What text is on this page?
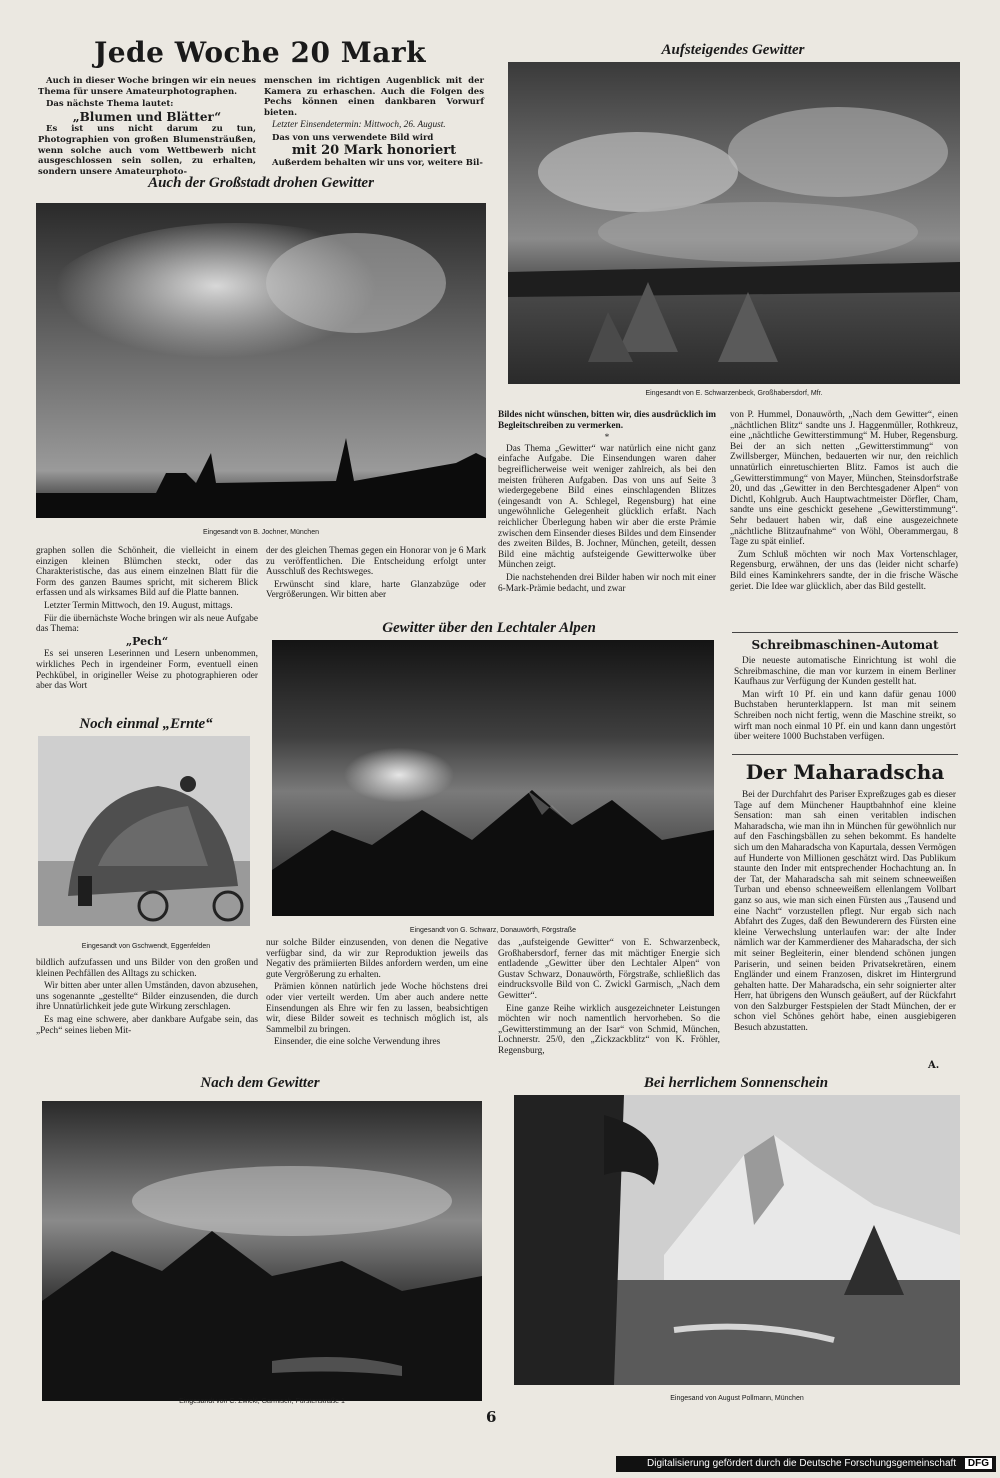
Jede Woche 20 Mark

Auch in dieser Woche bringen wir ein neues Thema für unsere Amateurphotographen.

Das nächste Thema lautet:

„Blumen und Blätter“

Es ist uns nicht darum zu tun, Photographien von großen Blumensträußen, wenn solche auch vom Wettbewerb nicht ausgeschlossen sein sollen, zu erhalten, sondern unsere Amateurphoto-

menschen im richtigen Augenblick mit der Kamera zu erhaschen. Auch die Folgen des Pechs können einen dankbaren Vorwurf bieten.

Letzter Einsendetermin: Mittwoch, 26. August.

Das von uns verwendete Bild wird

mit 20 Mark honoriert

Außerdem behalten wir uns vor, weitere Bil-

Auch der Großstadt drohen Gewitter
Eingesandt von B. Jochner, München
Aufsteigendes Gewitter
Eingesandt von E. Schwarzenbeck, Großhabersdorf, Mfr.

graphen sollen die Schönheit, die vielleicht in einem einzigen kleinen Blümchen steckt, oder das Charakteristische, das aus einem einzelnen Blatt für die Form des ganzen Baumes spricht, mit sicherem Blick erfassen und als wirksames Bild auf die Platte bannen.

Letzter Termin Mittwoch, den 19. August, mittags.

Für die übernächste Woche bringen wir als neue Aufgabe das Thema:

„Pech“

Es sei unseren Leserinnen und Lesern unbenommen, wirkliches Pech in irgendeiner Form, eventuell einen Pechkübel, in origineller Weise zu photographieren oder aber das Wort

der des gleichen Themas gegen ein Honorar von je 6 Mark zu veröffentlichen. Die Entscheidung erfolgt unter Ausschluß des Rechtsweges.

Erwünscht sind klare, harte Glanzabzüge oder Vergrößerungen. Wir bitten aber

Bildes nicht wünschen, bitten wir, dies ausdrücklich im Begleitschreiben zu vermerken.

*

Das Thema „Gewitter“ war natürlich eine nicht ganz einfache Aufgabe. Die Einsendungen waren daher begreiflicherweise weit weniger zahlreich, als bei den meisten früheren Aufgaben. Das von uns auf Seite 3 wiedergegebene Bild eines einschlagenden Blitzes (eingesandt von A. Schlegel, Regensburg) hat eine ungewöhnliche Gelegenheit glücklich erfaßt. Nach reichlicher Überlegung haben wir aber die erste Prämie zwischen dem Einsender dieses Bildes und dem Einsender des zweiten Bildes, B. Jochner, München, geteilt, dessen Bild eine mächtig aufsteigende Gewitterwolke über München zeigt.

Die nachstehenden drei Bilder haben wir noch mit einer 6-Mark-Prämie bedacht, und zwar

von P. Hummel, Donauwörth, „Nach dem Gewitter“, einen „nächtlichen Blitz“ sandte uns J. Haggenmüller, Rothkreuz, eine „nächtliche Gewitterstimmung“ M. Huber, Regensburg. Bei der an sich netten „Gewitterstimmung“ von Zwillsberger, München, bedauerten wir nur, den reichlich unnatürlich einretuschierten Blitz. Famos ist auch die „Gewitterstimmung“ von Mayer, München, Steinsdorfstraße 20, und das „Gewitter in den Berchtesgadener Alpen“ von Dichtl, Kohlgrub. Auch Hauptwachtmeister Dörfler, Cham, sandte uns eine geschickt gesehene „Gewitterstimmung“. Sehr bedauert haben wir, daß eine ausgezeichnete „nächtliche Blitzaufnahme“ von Wöhl, Oberammergau, 8 Tage zu spät einlief.

Zum Schluß möchten wir noch Max Vortenschlager, Regensburg, erwähnen, der uns das (leider nicht scharfe) Bild eines Kaminkehrers sandte, der in die frische Wäsche geriet. Die Idee war glücklich, aber das Bild gestellt.

Gewitter über den Lechtaler Alpen
Eingesandt von G. Schwarz, Donauwörth, Förgstraße
Noch einmal „Ernte“
Eingesandt von Gschwendt, Eggenfelden
Schreibmaschinen-Automat

Die neueste automatische Einrichtung ist wohl die Schreibmaschine, die man vor kurzem in einem Berliner Kaufhaus zur Verfügung der Kunden gestellt hat.

Man wirft 10 Pf. ein und kann dafür genau 1000 Buchstaben herunterklappern. Ist man mit seinem Schreiben noch nicht fertig, wenn die Maschine streikt, so wirft man noch einmal 10 Pf. ein und kann dann ungestört über weitere 1000 Buchstaben verfügen.

Der Maharadscha

Bei der Durchfahrt des Pariser Expreßzuges gab es dieser Tage auf dem Münchener Hauptbahnhof eine kleine Sensation: man sah einen veritablen indischen Maharadscha, wie man ihn in München für gewöhnlich nur auf den Faschingsbällen zu sehen bekommt. Es handelte sich um den Maharadscha von Kapurtala, dessen Vermögen auf Hunderte von Millionen geschätzt wird. Das Publikum staunte den Inder mit entsprechender Hochachtung an. In der Tat, der Maharadscha sah mit seinem schneeweißen Turban und ebenso schneeweißem ellenlangem Vollbart ganz so aus, wie man sich einen Fürsten aus „Tausend und eine Nacht“ vorzustellen pflegt. Nur ergab sich nach Abfahrt des Zuges, daß den Bewunderern des Fürsten eine kleine Verwechslung unterlaufen war: der alte Inder nämlich war der Kammerdiener des Maharadscha, der sich mit seiner Begleiterin, einer blendend schönen jungen Pariserin, und seinen beiden Privatsekretären, einem Engländer und einem Franzosen, diskret im Hintergrund gehalten hatte. Der Maharadscha, ein sehr soignierter alter Herr, hat übrigens den Wunsch geäußert, auf der Rückfahrt von den Salzburger Festspielen der Stadt München, der er schon viel Schönes gehört habe, einen ausgiebigeren Besuch abzustatten.

A.

bildlich aufzufassen und uns Bilder von den großen und kleinen Pechfällen des Alltags zu schicken.

Wir bitten aber unter allen Umständen, davon abzusehen, uns sogenannte „gestellte“ Bilder einzusenden, die durch ihre Unnatürlichkeit jede gute Wirkung zerschlagen.

Es mag eine schwere, aber dankbare Aufgabe sein, das „Pech“ seines lieben Mit-

nur solche Bilder einzusenden, von denen die Negative verfügbar sind, da wir zur Reproduktion jeweils das Negativ des prämiierten Bildes anfordern werden, um eine gute Vergrößerung zu erhalten.

Prämien können natürlich jede Woche höchstens drei oder vier verteilt werden. Um aber auch andere nette Einsendungen als Ehre wir fen zu lassen, beabsichtigen wir, diese Bilder soweit es technisch möglich ist, als Sammelbil zu bringen.

Einsender, die eine solche Verwendung ihres

das „aufsteigende Gewitter“ von E. Schwarzenbeck, Großhabersdorf, ferner das mit mächtiger Energie sich entladende „Gewitter über den Lechtaler Alpen“ von Gustav Schwarz, Donauwörth, Förgstraße, schließlich das eindrucksvolle Bild von C. Zwickl Garmisch, „Nach dem Gewitter“.

Eine ganze Reihe wirklich ausgezeichneter Leistungen möchten wir noch namentlich hervorheben. So die „Gewitterstimmung an der Isar“ von Schmid, München, Lochnerstr. 25/0, den „Zickzackblitz“ von K. Fröhler, Regensburg,

Nach dem Gewitter
Eingesandt von C. Zwickl, Garmisch, Fürstenstraße 1
Bei herrlichem Sonnenschein
Eingesand von August Pollmann, München
6
Digitalisierung gefördert durch die Deutsche Forschungsgemeinschaft DFG
